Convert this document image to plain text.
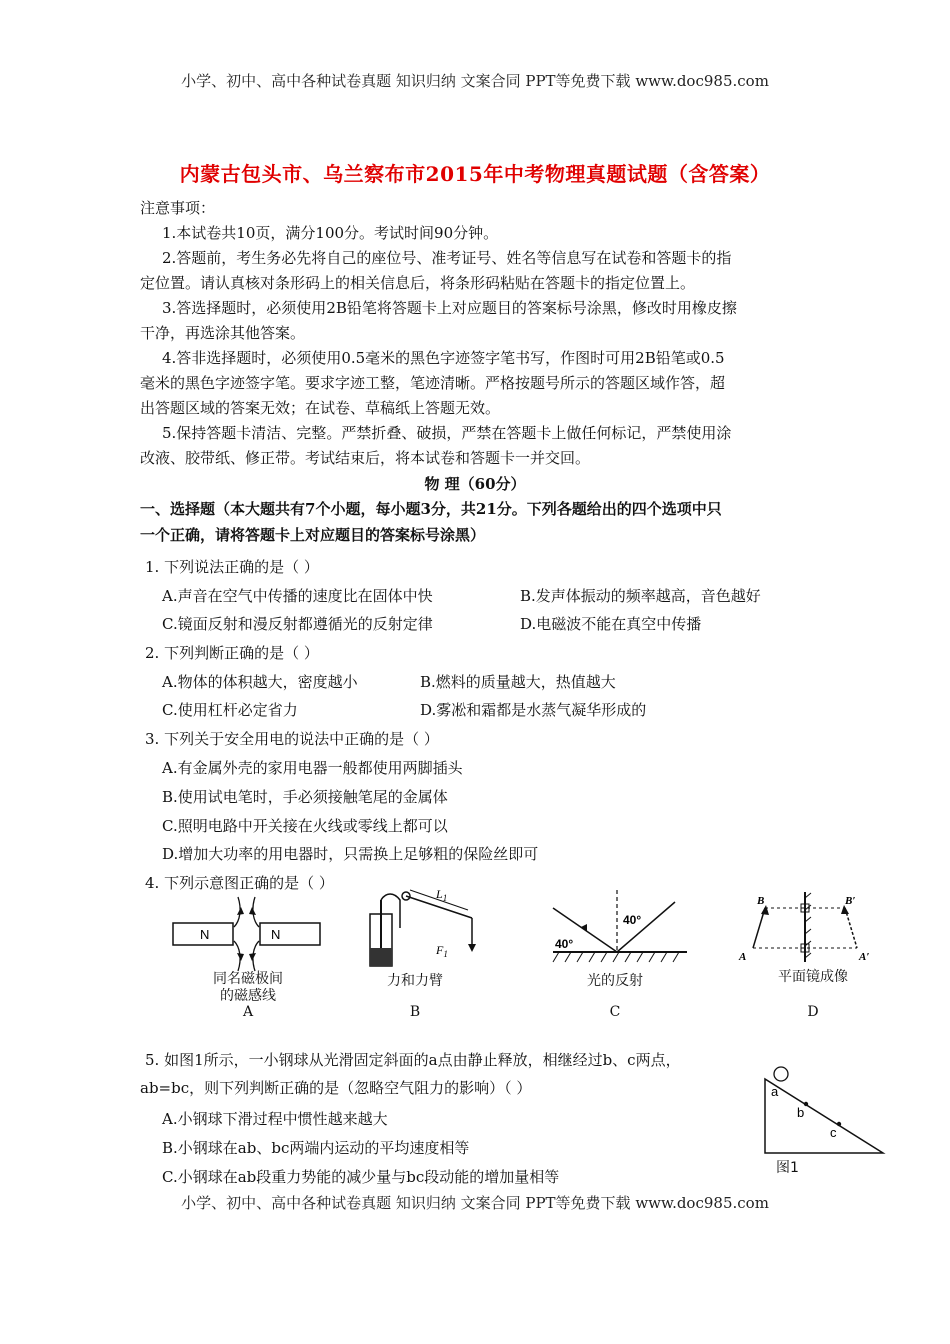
小学、初中、高中各种试卷真题 知识归纳 文案合同 PPT等免费下载 www.doc985.com
内蒙古包头市、乌兰察布市2015年中考物理真题试题（含答案）
注意事项：
1.本试卷共10页，满分100分。考试时间90分钟。
2.答题前，考生务必先将自己的座位号、准考证号、姓名等信息写在试卷和答题卡的指
定位置。请认真核对条形码上的相关信息后，将条形码粘贴在答题卡的指定位置上。
3.答选择题时，必须使用2B铅笔将答题卡上对应题目的答案标号涂黑，修改时用橡皮擦
干净，再选涂其他答案。
4.答非选择题时，必须使用0.5毫米的黑色字迹签字笔书写，作图时可用2B铅笔或0.5
毫米的黑色字迹签字笔。要求字迹工整，笔迹清晰。严格按题号所示的答题区域作答，超
出答题区域的答案无效；在试卷、草稿纸上答题无效。
5.保持答题卡清洁、完整。严禁折叠、破损，严禁在答题卡上做任何标记，严禁使用涂
改液、胶带纸、修正带。考试结束后，将本试卷和答题卡一并交回。
物 理（60分）
一、选择题（本大题共有7个小题，每小题3分，共21分。下列各题给出的四个选项中只
一个正确，请将答题卡上对应题目的答案标号涂黑）
1. 下列说法正确的是（ ）
A.声音在空气中传播的速度比在固体中快	B.发声体振动的频率越高，音色越好
C.镜面反射和漫反射都遵循光的反射定律	D.电磁波不能在真空中传播
2. 下列判断正确的是（ ）
A.物体的体积越大，密度越小	B.燃料的质量越大，热值越大
C.使用杠杆必定省力	D.雾凇和霜都是水蒸气凝华形成的
3. 下列关于安全用电的说法中正确的是（ ）
A.有金属外壳的家用电器一般都使用两脚插头
B.使用试电笔时，手必须接触笔尾的金属体
C.照明电路中开关接在火线或零线上都可以
D.增加大功率的用电器时，只需换上足够粗的保险丝即可
4. 下列示意图正确的是（ ）
N	N
同名磁极间
的磁感线
A
$L_1$
$F_1$
力和力臂
B
40°
40°
光的反射
C
B	B′
A	A′
平面镜成像
D
5. 如图1所示，一小钢球从光滑固定斜面的a点由静止释放，相继经过b、c两点，
ab=bc，则下列判断正确的是（忽略空气阻力的影响）（ ）
A.小钢球下滑过程中惯性越来越大
B.小钢球在ab、bc两端内运动的平均速度相等
C.小钢球在ab段重力势能的减少量与bc段动能的增加量相等
a
b
c
图1
小学、初中、高中各种试卷真题 知识归纳 文案合同 PPT等免费下载 www.doc985.com
